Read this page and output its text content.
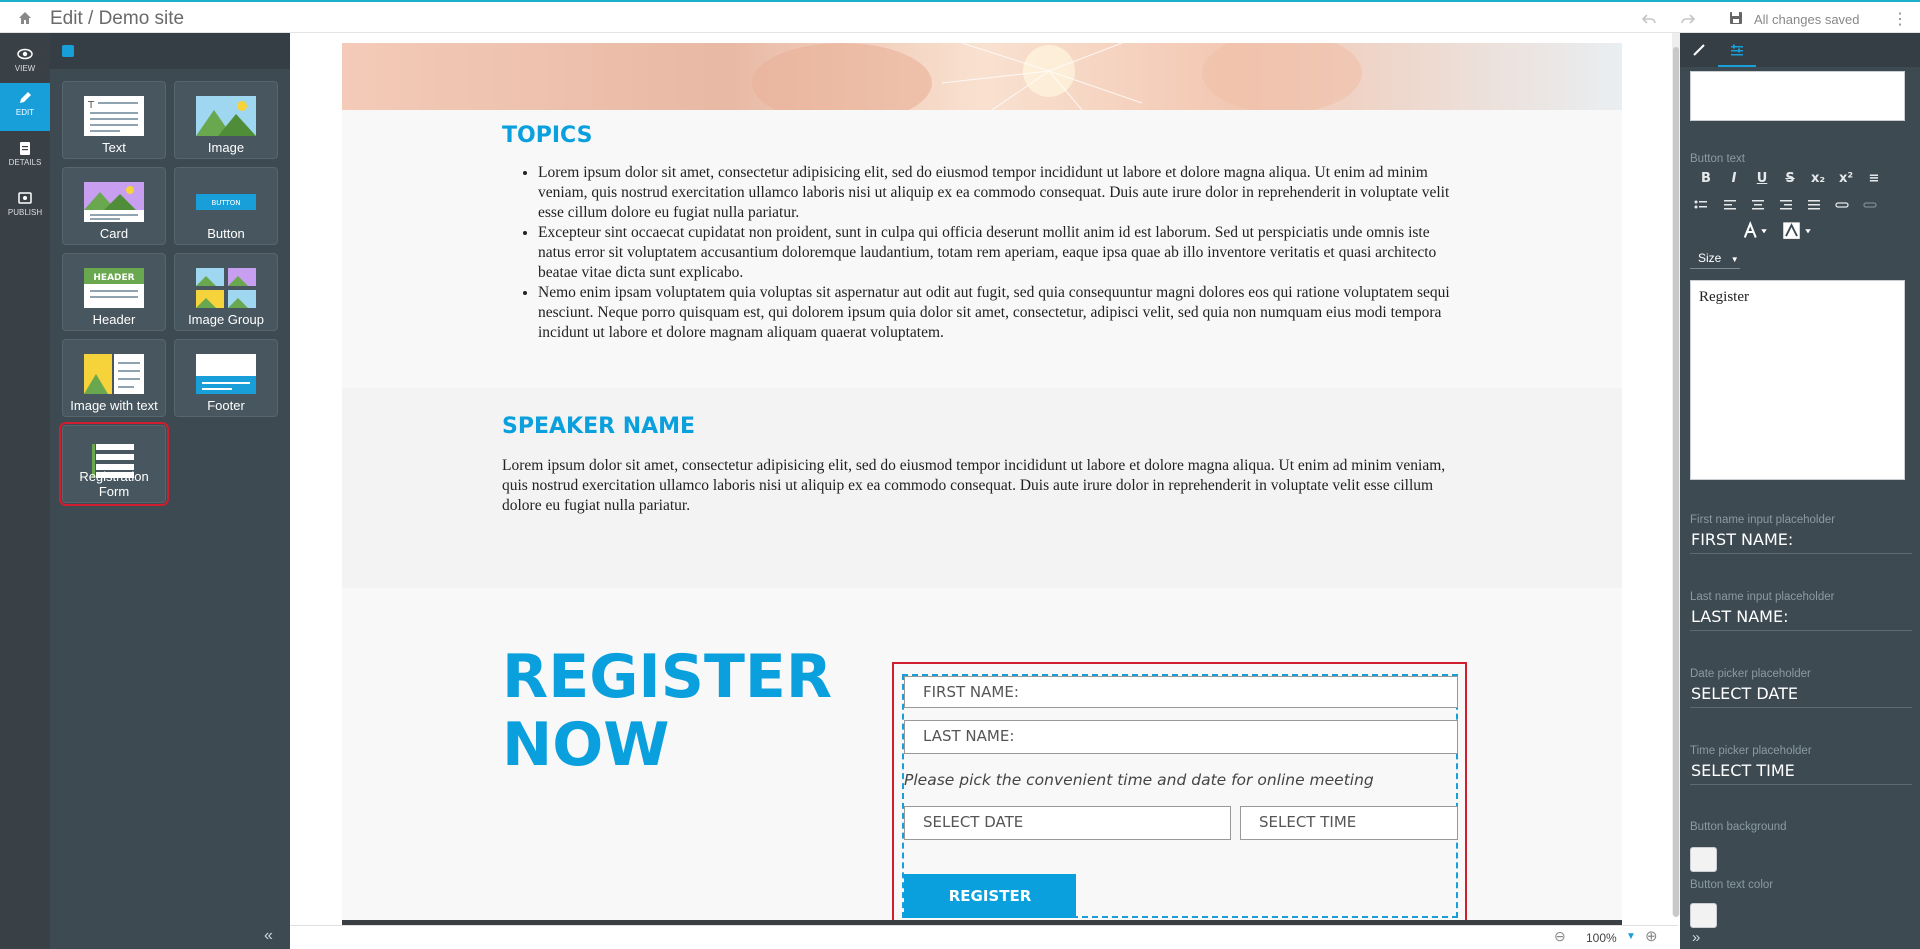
Edit / Demo site	All changes saved ⋮
VIEW
EDIT
DETAILS
PUBLISH
T
Text	Image
Card
BUTTON
Button
HEADER
Header	Image Group
Image with text	Footer
Registration Form
«
TOPICS
• Lorem ipsum dolor sit amet, consectetur adipisicing elit, sed do eiusmod tempor incididunt ut labore et dolore magna aliqua. Ut enim ad minim veniam, quis nostrud exercitation ullamco laboris nisi ut aliquip ex ea commodo consequat. Duis aute irure dolor in reprehenderit in voluptate velit esse cillum dolore eu fugiat nulla pariatur.
• Excepteur sint occaecat cupidatat non proident, sunt in culpa qui officia deserunt mollit anim id est laborum. Sed ut perspiciatis unde omnis iste natus error sit voluptatem accusantium doloremque laudantium, totam rem aperiam, eaque ipsa quae ab illo inventore veritatis et quasi architecto beatae vitae dicta sunt explicabo.
• Nemo enim ipsam voluptatem quia voluptas sit aspernatur aut odit aut fugit, sed quia consequuntur magni dolores eos qui ratione voluptatem sequi nesciunt. Neque porro quisquam est, qui dolorem ipsum quia dolor sit amet, consectetur, adipisci velit, sed quia non numquam eius modi tempora incidunt ut labore et dolore magnam aliquam quaerat voluptatem.
SPEAKER NAME
Lorem ipsum dolor sit amet, consectetur adipisicing elit, sed do eiusmod tempor incididunt ut labore et dolore magna aliqua. Ut enim ad minim veniam, quis nostrud exercitation ullamco laboris nisi ut aliquip ex ea commodo consequat. Duis aute irure dolor in reprehenderit in voluptate velit esse cillum dolore eu fugiat nulla pariatur.
REGISTER
NOW
FIRST NAME:
LAST NAME:
Please pick the convenient time and date for online meeting
SELECT DATE	SELECT TIME
REGISTER
⊖ 100% ▼ ⊕
Button text
B I U S x₂ x² ≡
Size ▼
Register
First name input placeholder
FIRST NAME:
Last name input placeholder
LAST NAME:
Date picker placeholder
SELECT DATE
Time picker placeholder
SELECT TIME
Button background
Button text color
»
